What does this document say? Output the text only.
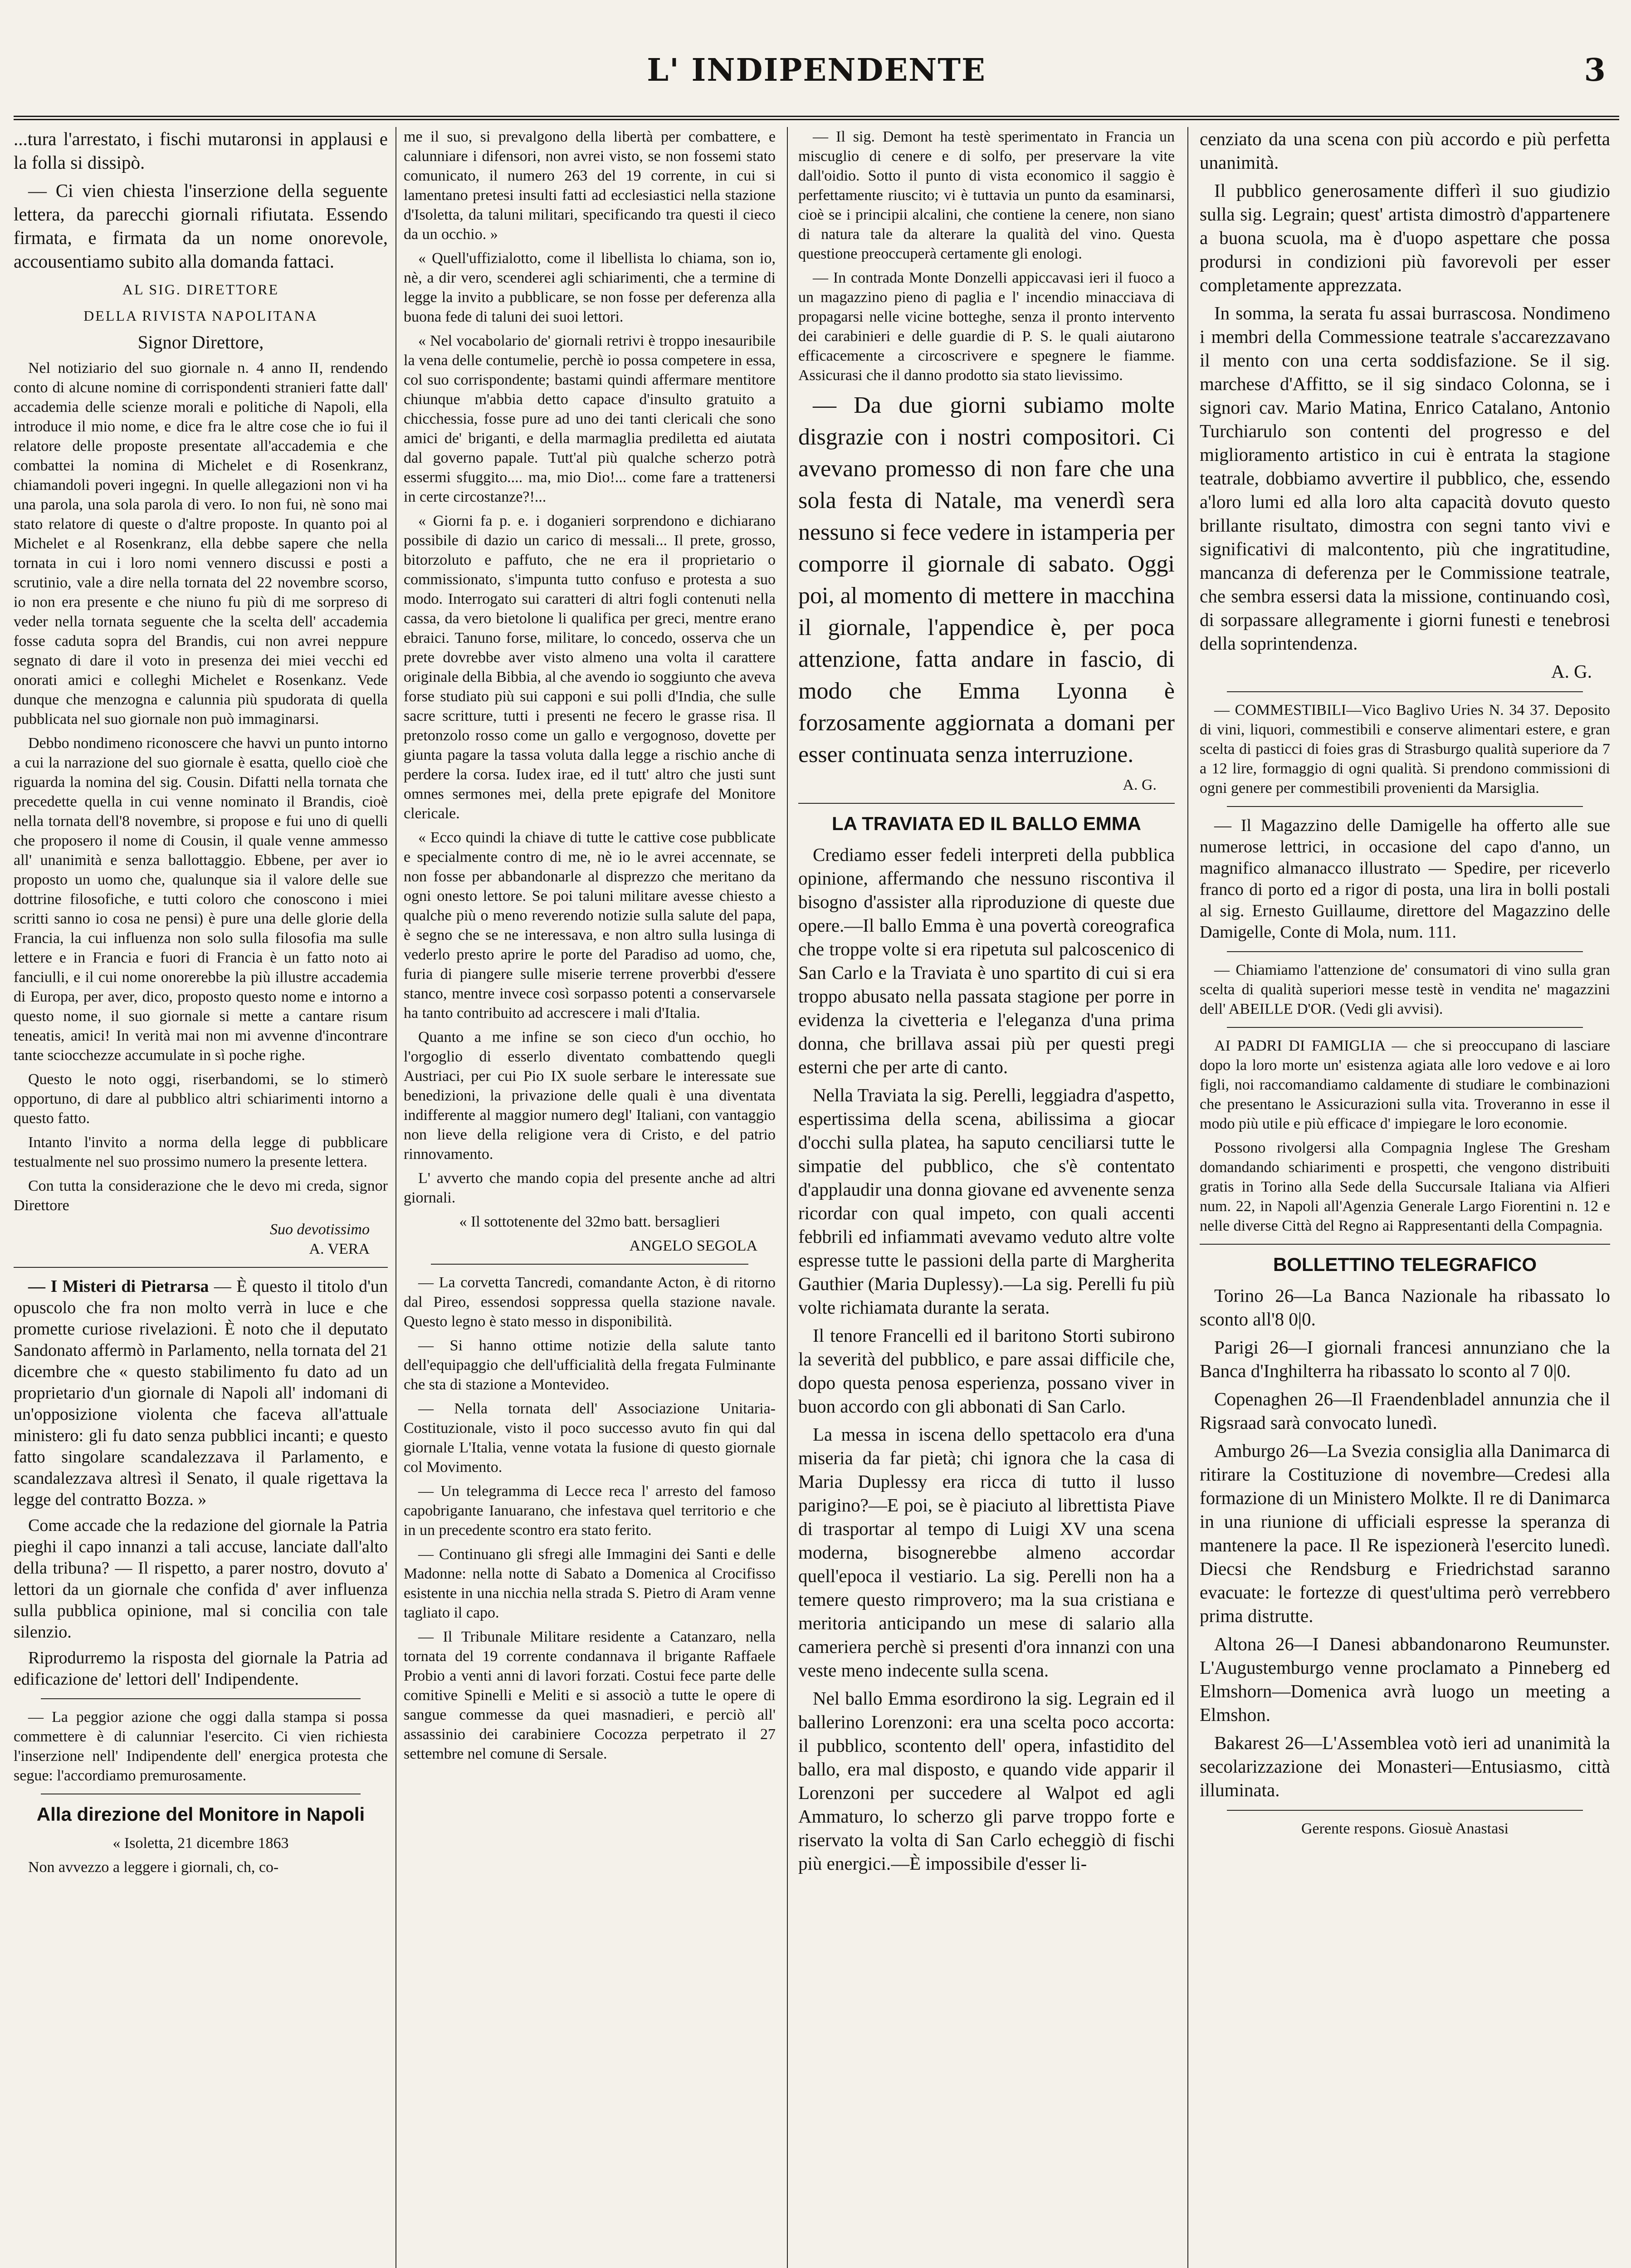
L' INDIPENDENTE	3

...tura l'arrestato, i fischi mutaronsi in applausi e la folla si dissipò.

— Ci vien chiesta l'inserzione della seguente lettera, da parecchi giornali rifiutata. Essendo firmata, e firmata da un nome onorevole, accousentiamo subito alla domanda fattaci.

AL SIG. DIRETTORE
DELLA RIVISTA NAPOLITANA

Signor Direttore,

Nel notiziario del suo giornale n. 4 anno II, rendendo conto di alcune nomine di corrispondenti stranieri fatte dall' accademia delle scienze morali e politiche di Napoli, ella introduce il mio nome, e dice fra le altre cose che io fui il relatore delle proposte presentate all'accademia e che combattei la nomina di Michelet e di Rosenkranz, chiamandoli poveri ingegni. In quelle allegazioni non vi ha una parola, una sola parola di vero. Io non fui, nè sono mai stato relatore di queste o d'altre proposte. In quanto poi al Michelet e al Rosenkranz, ella debbe sapere che nella tornata in cui i loro nomi vennero discussi e posti a scrutinio, vale a dire nella tornata del 22 novembre scorso, io non era presente e che niuno fu più di me sorpreso di veder nella tornata seguente che la scelta dell' accademia fosse caduta sopra del Brandis, cui non avrei neppure segnato di dare il voto in presenza dei miei vecchi ed onorati amici e colleghi Michelet e Rosenkanz. Vede dunque che menzogna e calunnia più spudorata di quella pubblicata nel suo giornale non può immaginarsi.

Debbo nondimeno riconoscere che havvi un punto intorno a cui la narrazione del suo giornale è esatta, quello cioè che riguarda la nomina del sig. Cousin. Difatti nella tornata che precedette quella in cui venne nominato il Brandis, cioè nella tornata dell'8 novembre, si propose e fui uno di quelli che proposero il nome di Cousin, il quale venne ammesso all' unanimità e senza ballottaggio. Ebbene, per aver io proposto un uomo che, qualunque sia il valore delle sue dottrine filosofiche, e tutti coloro che conoscono i miei scritti sanno io cosa ne pensi) è pure una delle glorie della Francia, la cui influenza non solo sulla filosofia ma sulle lettere e in Francia e fuori di Francia è un fatto noto ai fanciulli, e il cui nome onorerebbe la più illustre accademia di Europa, per aver, dico, proposto questo nome e intorno a questo nome, il suo giornale si mette a cantare risum teneatis, amici! In verità mai non mi avvenne d'incontrare tante sciocchezze accumulate in sì poche righe.

Questo le noto oggi, riserbandomi, se lo stimerò opportuno, di dare al pubblico altri schiarimenti intorno a questo fatto.

Intanto l'invito a norma della legge di pubblicare testualmente nel suo prossimo numero la presente lettera.

Con tutta la considerazione che le devo mi creda, signor Direttore

Suo devotissimo
A. VERA

— I Misteri di Pietrarsa — È questo il titolo d'un opuscolo che fra non molto verrà in luce e che promette curiose rivelazioni. È noto che il deputato Sandonato affermò in Parlamento, nella tornata del 21 dicembre che « questo stabilimento fu dato ad un proprietario d'un giornale di Napoli all' indomani di un'opposizione violenta che faceva all'attuale ministero: gli fu dato senza pubblici incanti; e questo fatto singolare scandalezzava il Parlamento, e scandalezzava altresì il Senato, il quale rigettava la legge del contratto Bozza. »

Come accade che la redazione del giornale la Patria pieghi il capo innanzi a tali accuse, lanciate dall'alto della tribuna? — Il rispetto, a parer nostro, dovuto a' lettori da un giornale che confida d' aver influenza sulla pubblica opinione, mal si concilia con tale silenzio.

Riprodurremo la risposta del giornale la Patria ad edificazione de' lettori dell' Indipendente.

— La peggior azione che oggi dalla stampa si possa commettere è di calunniar l'esercito. Ci vien richiesta l'inserzione nell' Indipendente dell' energica protesta che segue: l'accordiamo premurosamente.

Alla direzione del Monitore in Napoli

« Isoletta, 21 dicembre 1863

Non avvezzo a leggere i giornali, ch, co-

me il suo, si prevalgono della libertà per combattere, e calunniare i difensori, non avrei visto, se non fossemi stato comunicato, il numero 263 del 19 corrente, in cui si lamentano pretesi insulti fatti ad ecclesiastici nella stazione d'Isoletta, da taluni militari, specificando tra questi il cieco da un occhio. »

« Quell'uffizialotto, come il libellista lo chiama, son io, nè, a dir vero, scenderei agli schiarimenti, che a termine di legge la invito a pubblicare, se non fosse per deferenza alla buona fede di taluni dei suoi lettori.

« Nel vocabolario de' giornali retrivi è troppo inesauribile la vena delle contumelie, perchè io possa competere in essa, col suo corrispondente; bastami quindi affermare mentitore chiunque m'abbia detto capace d'insulto gratuito a chicchessia, fosse pure ad uno dei tanti clericali che sono amici de' briganti, e della marmaglia prediletta ed aiutata dal governo papale. Tutt'al più qualche scherzo potrà essermi sfuggito.... ma, mio Dio!... come fare a trattenersi in certe circostanze?!...

« Giorni fa p. e. i doganieri sorprendono e dichiarano possibile di dazio un carico di messali... Il prete, grosso, bitorzoluto e paffuto, che ne era il proprietario o commissionato, s'impunta tutto confuso e protesta a suo modo. Interrogato sui caratteri di altri fogli contenuti nella cassa, da vero bietolone li qualifica per greci, mentre erano ebraici. Tanuno forse, militare, lo concedo, osserva che un prete dovrebbe aver visto almeno una volta il carattere originale della Bibbia, al che avendo io soggiunto che aveva forse studiato più sui capponi e sui polli d'India, che sulle sacre scritture, tutti i presenti ne fecero le grasse risa. Il pretonzolo rosso come un gallo e vergognoso, dovette per giunta pagare la tassa voluta dalla legge a rischio anche di perdere la corsa. Iudex irae, ed il tutt' altro che justi sunt omnes sermones mei, della prete epigrafe del Monitore clericale.

« Ecco quindi la chiave di tutte le cattive cose pubblicate e specialmente contro di me, nè io le avrei accennate, se non fosse per abbandonarle al disprezzo che meritano da ogni onesto lettore. Se poi taluni militare avesse chiesto a qualche più o meno reverendo notizie sulla salute del papa, è segno che se ne interessava, e non altro sulla lusinga di vederlo presto aprire le porte del Paradiso ad uomo, che, furia di piangere sulle miserie terrene proverbbi d'essere stanco, mentre invece così sorpasso potenti a conservarsele ha tanto contribuito ad accrescere i mali d'Italia.

Quanto a me infine se son cieco d'un occhio, ho l'orgoglio di esserlo diventato combattendo quegli Austriaci, per cui Pio IX suole serbare le interessate sue benedizioni, la privazione delle quali è una diventata indifferente al maggior numero degl' Italiani, con vantaggio non lieve della religione vera di Cristo, e del patrio rinnovamento.

L' avverto che mando copia del presente anche ad altri giornali.

« Il sottotenente del 32mo batt. bersaglieri

ANGELO SEGOLA

— La corvetta Tancredi, comandante Acton, è di ritorno dal Pireo, essendosi soppressa quella stazione navale. Questo legno è stato messo in disponibilità.

— Si hanno ottime notizie della salute tanto dell'equipaggio che dell'ufficialità della fregata Fulminante che sta di stazione a Montevideo.

— Nella tornata dell' Associazione Unitaria-Costituzionale, visto il poco successo avuto fin qui dal giornale L'Italia, venne votata la fusione di questo giornale col Movimento.

— Un telegramma di Lecce reca l' arresto del famoso capobrigante Ianuarano, che infestava quel territorio e che in un precedente scontro era stato ferito.

— Continuano gli sfregi alle Immagini dei Santi e delle Madonne: nella notte di Sabato a Domenica al Crocifisso esistente in una nicchia nella strada S. Pietro di Aram venne tagliato il capo.

— Il Tribunale Militare residente a Catanzaro, nella tornata del 19 corrente condannava il brigante Raffaele Probio a venti anni di lavori forzati. Costui fece parte delle comitive Spinelli e Meliti e si associò a tutte le opere di sangue commesse da quei masnadieri, e perciò all' assassinio dei carabiniere Cocozza perpetrato il 27 settembre nel comune di Sersale.

— Il sig. Demont ha testè sperimentato in Francia un miscuglio di cenere e di solfo, per preservare la vite dall'oidio. Sotto il punto di vista economico il saggio è perfettamente riuscito; vi è tuttavia un punto da esaminarsi, cioè se i principii alcalini, che contiene la cenere, non siano di natura tale da alterare la qualità del vino. Questa questione preoccuperà certamente gli enologi.

— In contrada Monte Donzelli appiccavasi ieri il fuoco a un magazzino pieno di paglia e l' incendio minacciava di propagarsi nelle vicine botteghe, senza il pronto intervento dei carabinieri e delle guardie di P. S. le quali aiutarono efficacemente a circoscrivere e spegnere le fiamme. Assicurasi che il danno prodotto sia stato lievissimo.

— Da due giorni subiamo molte disgrazie con i nostri compositori. Ci avevano promesso di non fare che una sola festa di Natale, ma venerdì sera nessuno si fece vedere in istamperia per comporre il giornale di sabato. Oggi poi, al momento di mettere in macchina il giornale, l'appendice è, per poca attenzione, fatta andare in fascio, di modo che Emma Lyonna è forzosamente aggiornata a domani per esser continuata senza interruzione.

A. G.
LA TRAVIATA ED IL BALLO EMMA

Crediamo esser fedeli interpreti della pubblica opinione, affermando che nessuno riscontiva il bisogno d'assister alla riproduzione di queste due opere.—Il ballo Emma è una povertà coreografica che troppe volte si era ripetuta sul palcoscenico di San Carlo e la Traviata è uno spartito di cui si era troppo abusato nella passata stagione per porre in evidenza la civetteria e l'eleganza d'una prima donna, che brillava assai più per questi pregi esterni che per arte di canto.

Nella Traviata la sig. Perelli, leggiadra d'aspetto, espertissima della scena, abilissima a giocar d'occhi sulla platea, ha saputo cenciliarsi tutte le simpatie del pubblico, che s'è contentato d'applaudir una donna giovane ed avvenente senza ricordar con qual impeto, con quali accenti febbrili ed infiammati avevamo veduto altre volte espresse tutte le passioni della parte di Margherita Gauthier (Maria Duplessy).—La sig. Perelli fu più volte richiamata durante la serata.

Il tenore Francelli ed il baritono Storti subirono la severità del pubblico, e pare assai difficile che, dopo questa penosa esperienza, possano viver in buon accordo con gli abbonati di San Carlo.

La messa in iscena dello spettacolo era d'una miseria da far pietà; chi ignora che la casa di Maria Duplessy era ricca di tutto il lusso parigino?—E poi, se è piaciuto al librettista Piave di trasportar al tempo di Luigi XV una scena moderna, bisognerebbe almeno accordar quell'epoca il vestiario. La sig. Perelli non ha a temere questo rimprovero; ma la sua cristiana e meritoria anticipando un mese di salario alla cameriera perchè si presenti d'ora innanzi con una veste meno indecente sulla scena.

Nel ballo Emma esordirono la sig. Legrain ed il ballerino Lorenzoni: era una scelta poco accorta: il pubblico, scontento dell' opera, infastidito del ballo, era mal disposto, e quando vide apparir il Lorenzoni per succedere al Walpot ed agli Ammaturo, lo scherzo gli parve troppo forte e riservato la volta di San Carlo echeggiò di fischi più energici.—È impossibile d'esser li-

cenziato da una scena con più accordo e più perfetta unanimità.

Il pubblico generosamente differì il suo giudizio sulla sig. Legrain; quest' artista dimostrò d'appartenere a buona scuola, ma è d'uopo aspettare che possa prodursi in condizioni più favorevoli per esser completamente apprezzata.

In somma, la serata fu assai burrascosa. Nondimeno i membri della Commessione teatrale s'accarezzavano il mento con una certa soddisfazione. Se il sig. marchese d'Affitto, se il sig sindaco Colonna, se i signori cav. Mario Matina, Enrico Catalano, Antonio Turchiarulo son contenti del progresso e del miglioramento artistico in cui è entrata la stagione teatrale, dobbiamo avvertire il pubblico, che, essendo a'loro lumi ed alla loro alta capacità dovuto questo brillante risultato, dimostra con segni tanto vivi e significativi di malcontento, più che ingratitudine, mancanza di deferenza per le Commissione teatrale, che sembra essersi data la missione, continuando così, di sorpassare allegramente i giorni funesti e tenebrosi della soprintendenza.

A. G.

— COMMESTIBILI—Vico Baglivo Uries N. 34 37. Deposito di vini, liquori, commestibili e conserve alimentari estere, e gran scelta di pasticci di foies gras di Strasburgo qualità superiore da 7 a 12 lire, formaggio di ogni qualità. Si prendono commissioni di ogni genere per commestibili provenienti da Marsiglia.

— Il Magazzino delle Damigelle ha offerto alle sue numerose lettrici, in occasione del capo d'anno, un magnifico almanacco illustrato — Spedire, per riceverlo franco di porto ed a rigor di posta, una lira in bolli postali al sig. Ernesto Guillaume, direttore del Magazzino delle Damigelle, Conte di Mola, num. 111.

— Chiamiamo l'attenzione de' consumatori di vino sulla gran scelta di qualità superiori messe testè in vendita ne' magazzini dell' ABEILLE D'OR. (Vedi gli avvisi).

AI PADRI DI FAMIGLIA — che si preoccupano di lasciare dopo la loro morte un' esistenza agiata alle loro vedove e ai loro figli, noi raccomandiamo caldamente di studiare le combinazioni che presentano le Assicurazioni sulla vita. Troveranno in esse il modo più utile e più efficace d' impiegare le loro economie.

Possono rivolgersi alla Compagnia Inglese The Gresham domandando schiarimenti e prospetti, che vengono distribuiti gratis in Torino alla Sede della Succursale Italiana via Alfieri num. 22, in Napoli all'Agenzia Generale Largo Fiorentini n. 12 e nelle diverse Città del Regno ai Rappresentanti della Compagnia.

BOLLETTINO TELEGRAFICO

Torino 26—La Banca Nazionale ha ribassato lo sconto all'8 0|0.

Parigi 26—I giornali francesi annunziano che la Banca d'Inghilterra ha ribassato lo sconto al 7 0|0.

Copenaghen 26—Il Fraendenbladel annunzia che il Rigsraad sarà convocato lunedì.

Amburgo 26—La Svezia consiglia alla Danimarca di ritirare la Costituzione di novembre—Credesi alla formazione di un Ministero Molkte. Il re di Danimarca in una riunione di ufficiali espresse la speranza di mantenere la pace. Il Re ispezionerà l'esercito lunedì. Diecsi che Rendsburg e Friedrichstad saranno evacuate: le fortezze di quest'ultima però verrebbero prima distrutte.

Altona 26—I Danesi abbandonarono Reumunster. L'Augustemburgo venne proclamato a Pinneberg ed Elmshorn—Domenica avrà luogo un meeting a Elmshon.

Bakarest 26—L'Assemblea votò ieri ad unanimità la secolarizzazione dei Monasteri—Entusiasmo, città illuminata.

Gerente respons. Giosuè Anastasi
